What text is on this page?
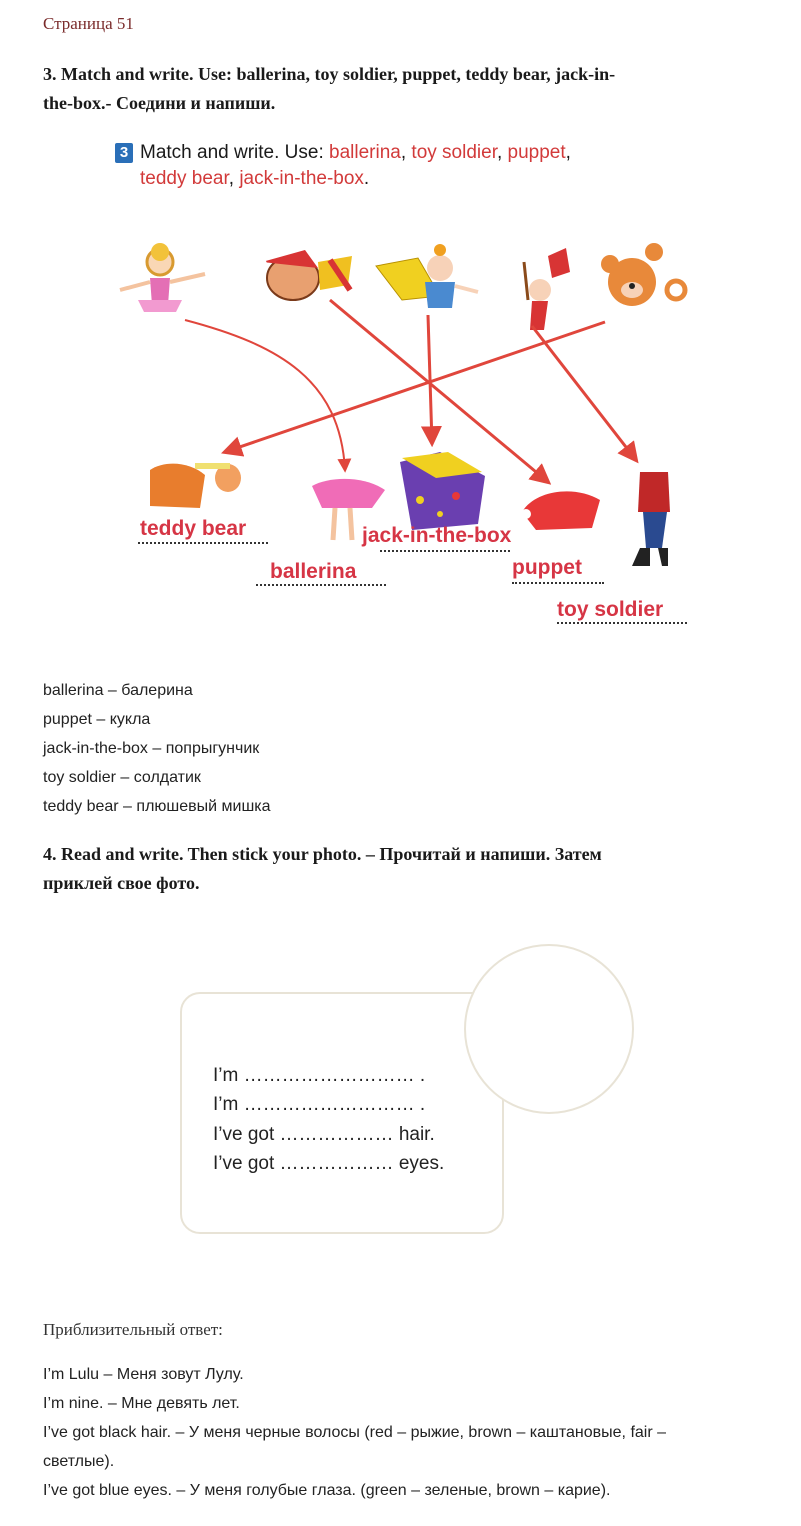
Страница 51
3. Match and write. Use: ballerina, toy soldier, puppet, teddy bear, jack-in-
the-box.- Соедини и напиши.
3 Match and write. Use: ballerina, toy soldier, puppet,
teddy bear, jack-in-the-box.
teddy bear
ballerina
jack-in-the-box
puppet
toy soldier
ballerina – балерина
puppet – кукла
jack-in-the-box – попрыгунчик
toy soldier – солдатик
teddy bear – плюшевый мишка
4. Read and write. Then stick your photo. – Прочитай и напиши. Затем
приклей свое фото.
I’m ……………………… .
I’m ……………………… .
I’ve got ……………… hair.
I’ve got ……………… eyes.
Приблизительный ответ:
I’m Lulu – Меня зовут Лулу.
I’m nine. – Мне девять лет.
I’ve got black hair. – У меня черные волосы (red – рыжие, brown – каштановые, fair –
светлые).
I’ve got blue eyes. – У меня голубые глаза. (green – зеленые, brown – карие).
